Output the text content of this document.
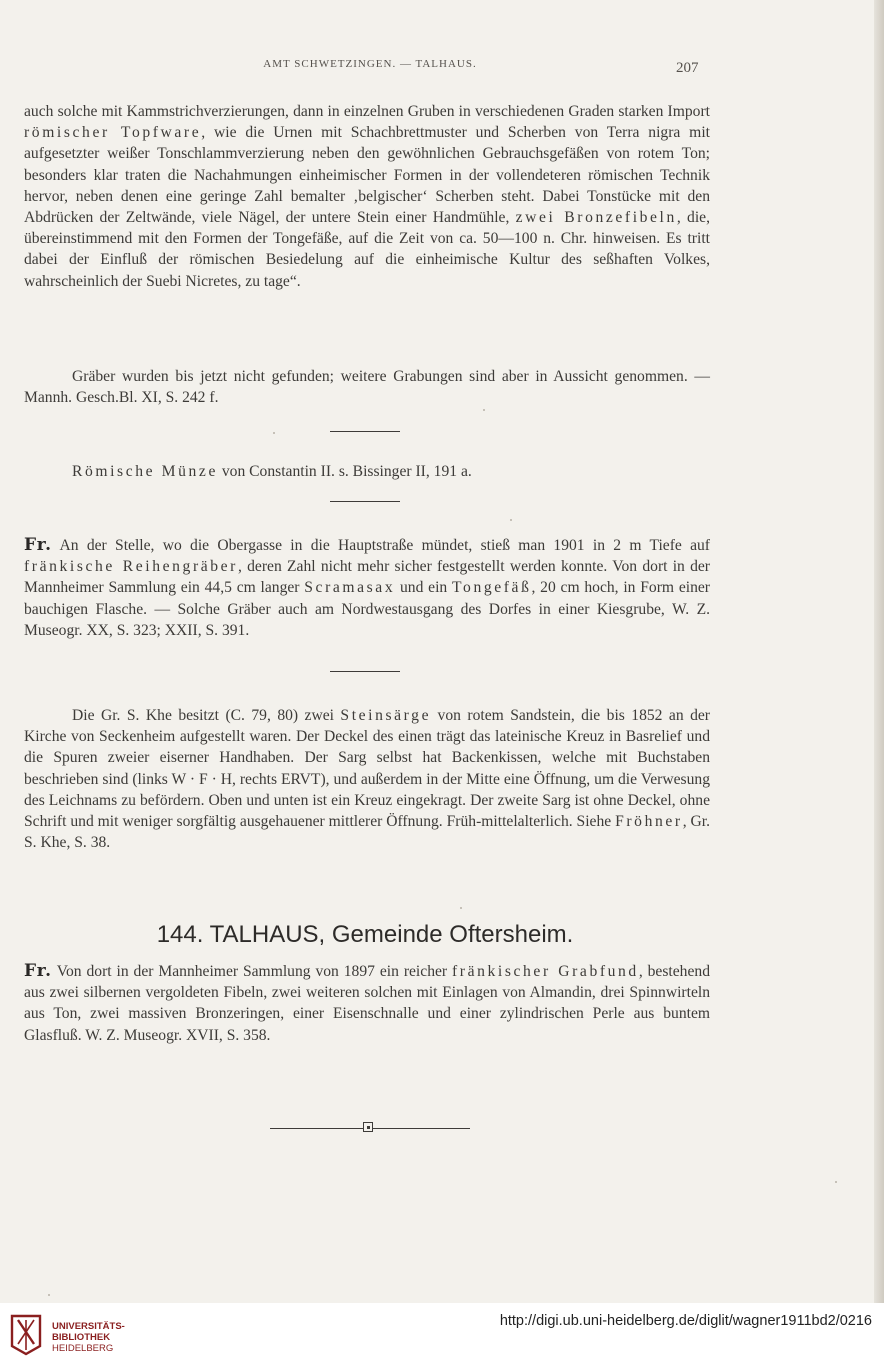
AMT SCHWETZINGEN. — TALHAUS.	207

auch solche mit Kammstrichverzierungen, dann in einzelnen Gruben in verschiedenen Graden starken Import römischer Topfware, wie die Urnen mit Schachbrettmuster und Scherben von Terra nigra mit aufgesetzter weißer Tonschlammverzierung neben den gewöhnlichen Gebrauchsgefäßen von rotem Ton; besonders klar traten die Nachahmungen einheimischer Formen in der vollendeteren römischen Technik hervor, neben denen eine geringe Zahl bemalter ‚belgischer‘ Scherben steht. Dabei Tonstücke mit den Abdrücken der Zeltwände, viele Nägel, der untere Stein einer Handmühle, zwei Bronzefibeln, die, übereinstimmend mit den Formen der Tongefäße, auf die Zeit von ca. 50—100 n. Chr. hinweisen. Es tritt dabei der Einfluß der römischen Besiedelung auf die einheimische Kultur des seßhaften Volkes, wahrscheinlich der Suebi Nicretes, zu tage“.

Gräber wurden bis jetzt nicht gefunden; weitere Grabungen sind aber in Aussicht genommen. — Mannh. Gesch.Bl. XI, S. 242 f.

Römische Münze von Constantin II. s. Bissinger II, 191 a.

Fr. An der Stelle, wo die Obergasse in die Hauptstraße mündet, stieß man 1901 in 2 m Tiefe auf fränkische Reihengräber, deren Zahl nicht mehr sicher festgestellt werden konnte. Von dort in der Mannheimer Sammlung ein 44,5 cm langer Scramasax und ein Tongefäß, 20 cm hoch, in Form einer bauchigen Flasche. — Solche Gräber auch am Nordwestausgang des Dorfes in einer Kiesgrube, W. Z. Museogr. XX, S. 323; XXII, S. 391.

Die Gr. S. Khe besitzt (C. 79, 80) zwei Steinsärge von rotem Sandstein, die bis 1852 an der Kirche von Seckenheim aufgestellt waren. Der Deckel des einen trägt das lateinische Kreuz in Basrelief und die Spuren zweier eiserner Handhaben. Der Sarg selbst hat Backenkissen, welche mit Buchstaben beschrieben sind (links W · F · H, rechts ERVT), und außerdem in der Mitte eine Öffnung, um die Verwesung des Leichnams zu befördern. Oben und unten ist ein Kreuz eingekragt. Der zweite Sarg ist ohne Deckel, ohne Schrift und mit weniger sorgfältig ausgehauener mittlerer Öffnung. Früh-mittelalterlich. Siehe Fröhner, Gr. S. Khe, S. 38.

144. TALHAUS, Gemeinde Oftersheim.

Fr. Von dort in der Mannheimer Sammlung von 1897 ein reicher fränkischer Grabfund, bestehend aus zwei silbernen vergoldeten Fibeln, zwei weiteren solchen mit Einlagen von Almandin, drei Spinnwirteln aus Ton, zwei massiven Bronzeringen, einer Eisenschnalle und einer zylindrischen Perle aus buntem Glasfluß. W. Z. Museogr. XVII, S. 358.

UNIVERSITÄTS-
BIBLIOTHEK
HEIDELBERG
http://digi.ub.uni-heidelberg.de/diglit/wagner1911bd2/0216
